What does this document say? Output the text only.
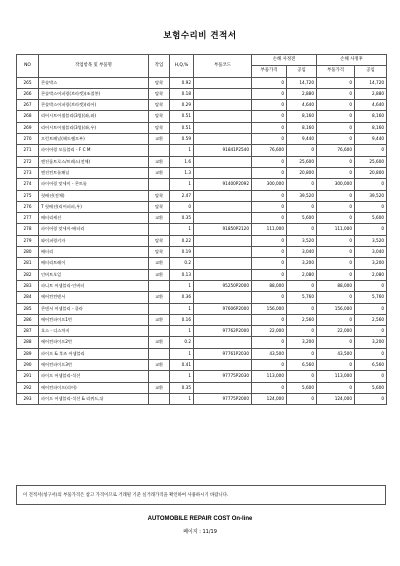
보험수리비 견적서
NO	작업항목 및 부품명	작업	H,Q,%	부품코드	손해 사정전		손해 사정후	
					부품가격	공임	부품가격	공임
265	콘솔박스	탈착	0.92		0	14,720	0	14,720
266	콘솔박스어퍼링(브라켓)(조절봉)	탈착	0.18		0	2,880	0	2,880
267	콘솔박스어퍼링(브라켓)(리어)	탈착	0.29		0	4,640	0	4,640
268	리어시트어셈블리(3열)(좌,좌)	탈착	0.51		0	8,160	0	8,160
269	리어시트어셈블리(3열)(좌,우)	탈착	0.51		0	8,160	0	8,160
270	프런트패널(헤드램프부)	교환	0.59		0	9,440	0	9,440
271	파이어링 모듈블리 - F C M		1	91841P2540	76,600	0	76,600	0
272	엔진룸트로스/트레스(전체)	교환	1.6		0	25,600	0	25,600
273	엔진컨트롤패널	교환	1.3		0	20,800	0	20,800
274	파이어링 앗세이 - 콘트롤		1	91400P2092	300,000	0	300,000	0
275	헛배선(전체)	탈착	2.47		0	39,520	0	39,520
276	T 헛배선(리어퍼퍼,우)	탈착	0		0	0	0	0
277	배터리케선	교환	0.35		0	5,600	0	5,600
278	파이어링 앗세이-배터리		1	91850P2120	111,000	0	111,000	0
279	와이퍼링키자	탈착	0.22		0	3,520	0	3,520
280	배터리	탈착	0.19		0	3,040	0	3,040
281	배터리트레이	교환	0.2		0	3,200	0	3,200
282	인버트오일	교환	0.13		0	2,080	0	2,080
283	파니트 어셈블리-인버터		1	95250P2000	88,000	0	88,000	0
284	에어컨컨텐서	교환	0.36		0	5,760	0	5,760
285	콘덴서 어셈블리 - 쿨라		1	97606P2000	156,000	0	156,000	0
286	에어컨파이프1번	교환	0.16		0	2,560	0	2,560
287	호스 - 디스차지		1	97762P2000	22,000	0	22,000	0
288	에어컨파이프2번	교환	0.2		0	3,200	0	3,200
289	파이프 & 후즈 어셈블리		1	97761P2030	43,500	0	43,500	0
290	에어컨파이프3번	교환	0.41		0	6,560	0	6,560
291	파이프 어셈블리-석션		1	97775P2030	113,000	0	113,000	0
292	에어컨파이프(리어)	교환	0.35		0	5,600	0	5,600
293	파이프 어셈블리-석션 & 리퀴드,뒤		1	97775P2000	124,000	0	124,000	0
이 견적서(청구서)의 부품가격은 참고 가격이므로 거래될 기준 실거래가격을 확인하여 사용하시기 바랍니다.
AUTOMOBILE REPAIR COST On-line
페이지 : 11/19
